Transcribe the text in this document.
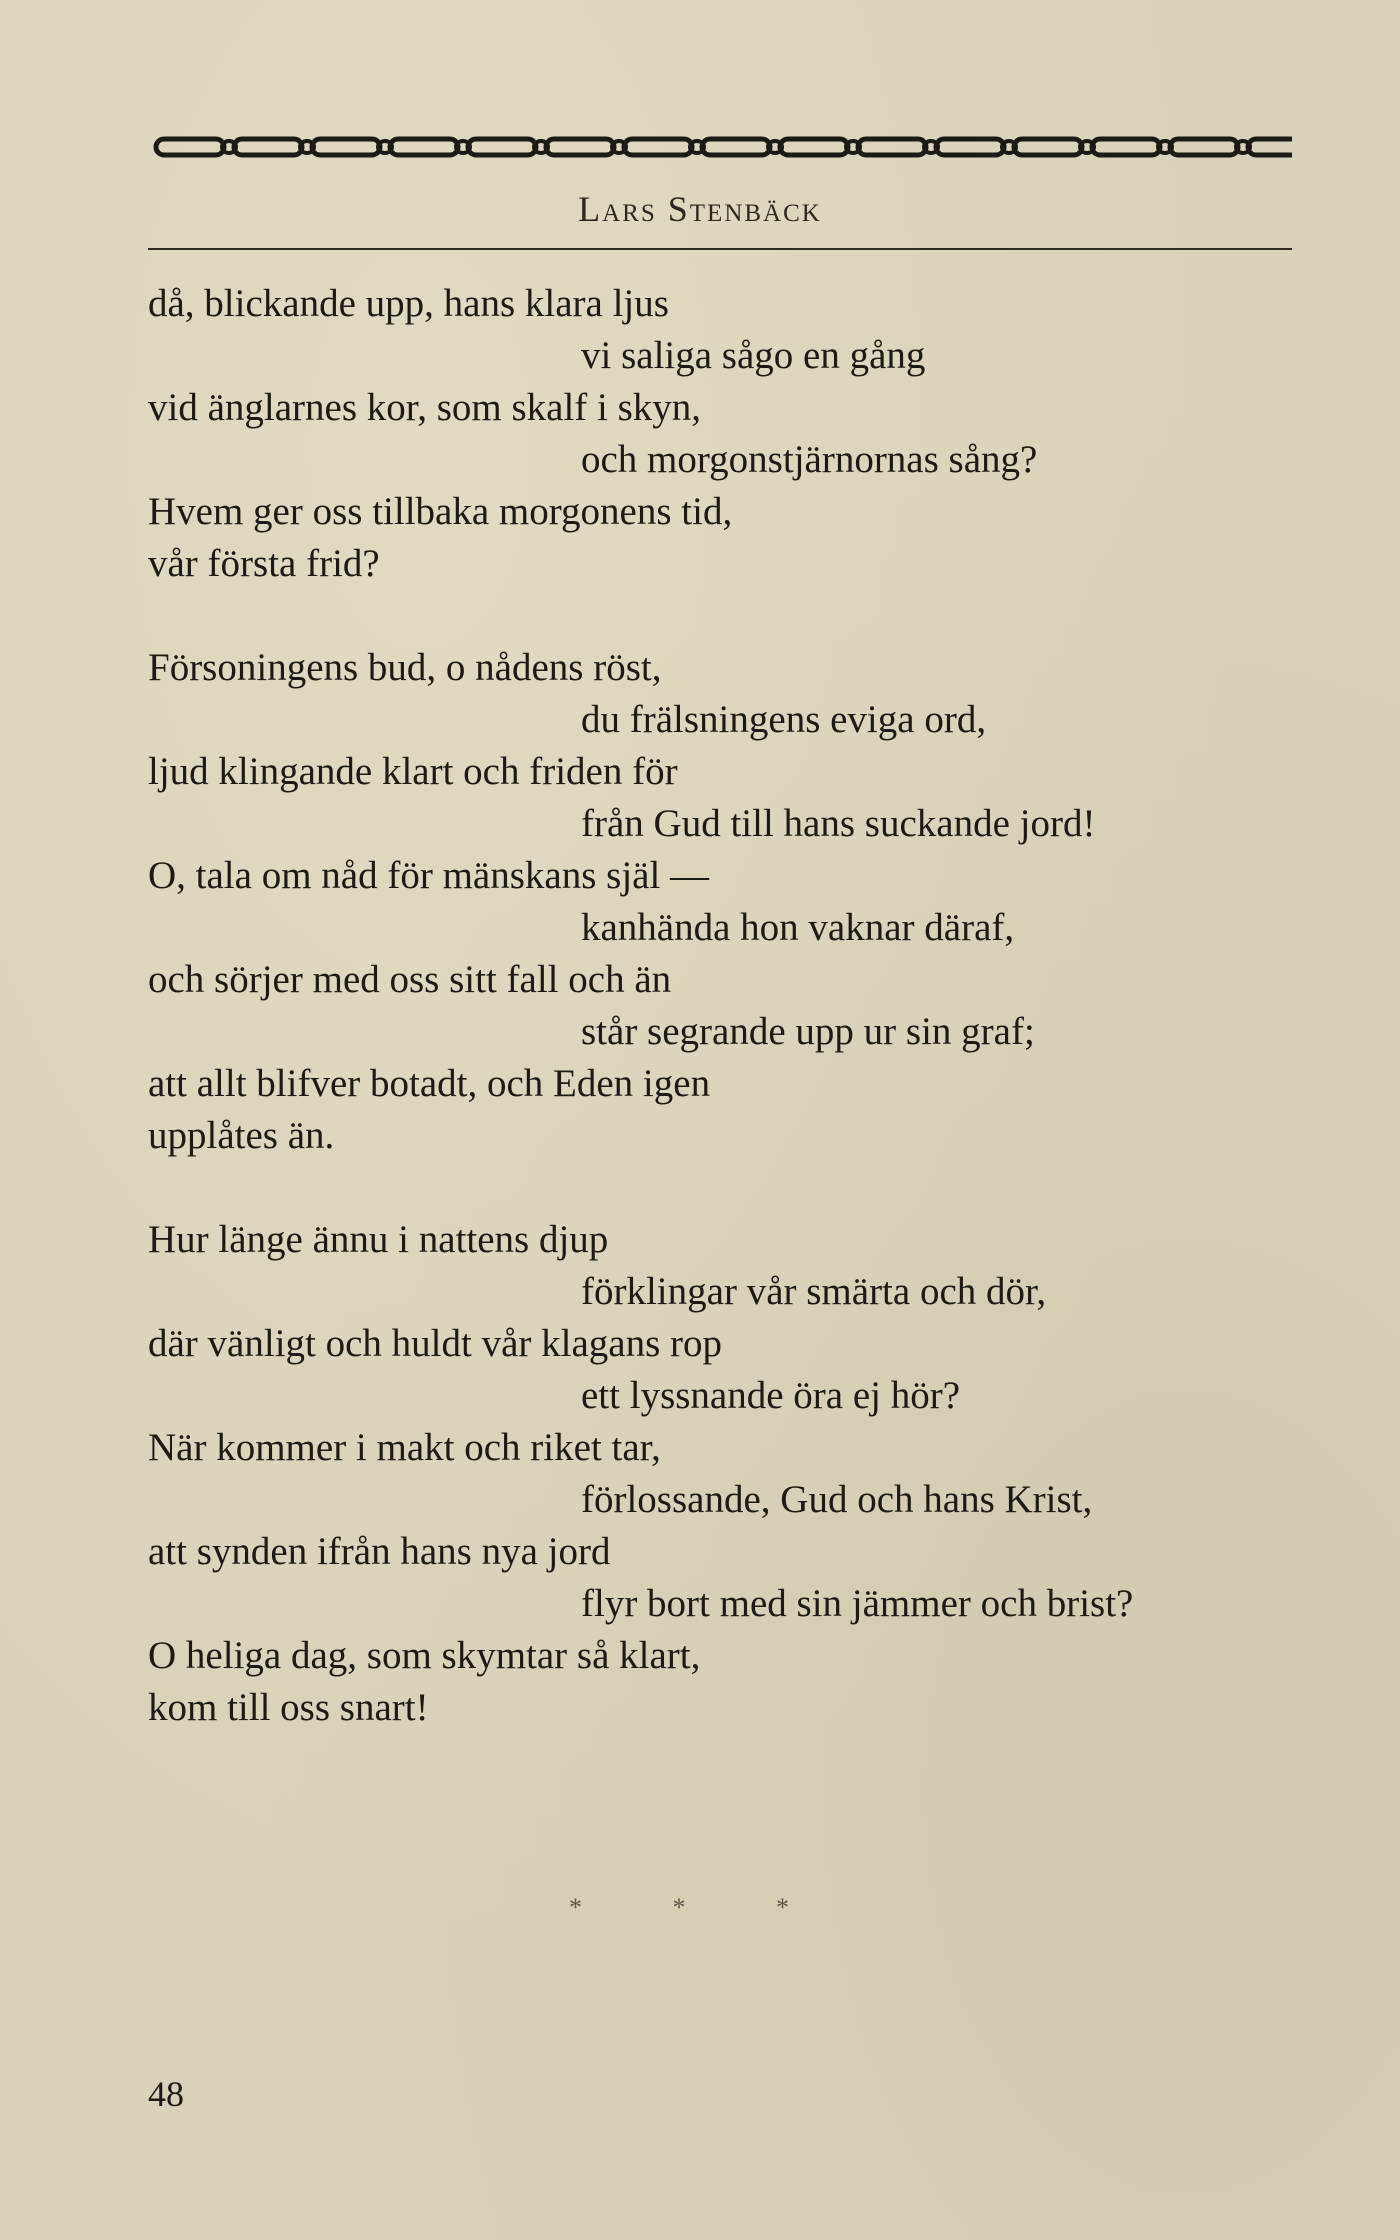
Lars Stenbäck
då, blickande upp, hans klara ljus
vi saliga sågo en gång
vid änglarnes kor, som skalf i skyn,
och morgonstjärnornas sång?
Hvem ger oss tillbaka morgonens tid,
vår första frid?
Försoningens bud, o nådens röst,
du frälsningens eviga ord,
ljud klingande klart och friden för
från Gud till hans suckande jord!
O, tala om nåd för mänskans själ —
kanhända hon vaknar däraf,
och sörjer med oss sitt fall och än
står segrande upp ur sin graf;
att allt blifver botadt, och Eden igen
upplåtes än.
Hur länge ännu i nattens djup
förklingar vår smärta och dör,
där vänligt och huldt vår klagans rop
ett lyssnande öra ej hör?
När kommer i makt och riket tar,
förlossande, Gud och hans Krist,
att synden ifrån hans nya jord
flyr bort med sin jämmer och brist?
O heliga dag, som skymtar så klart,
kom till oss snart!
* * *
48
